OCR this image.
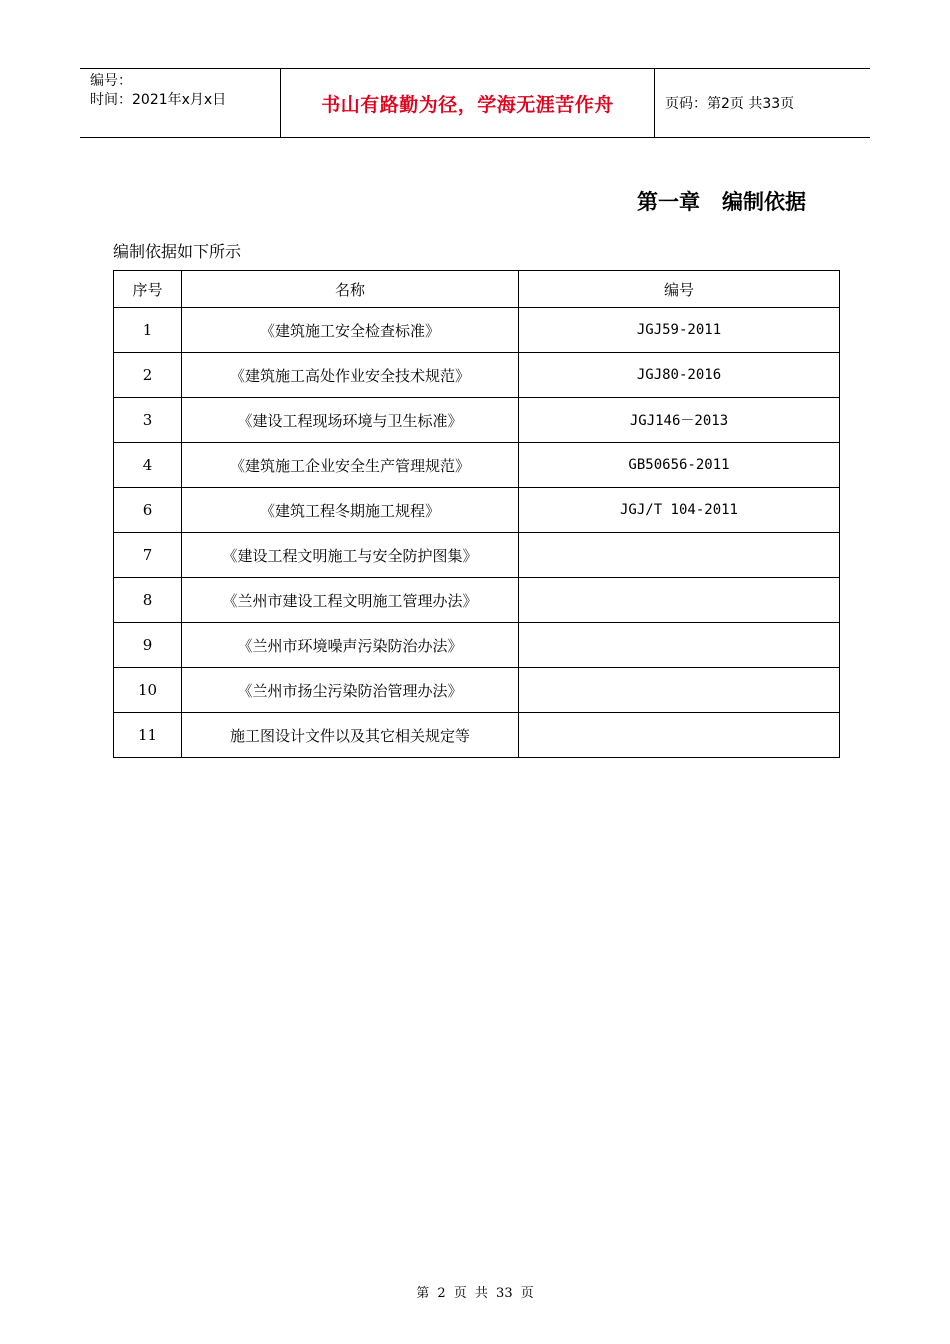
编号：
时间：2021年x月x日	书山有路勤为径，学海无涯苦作舟	页码：第2页 共33页
第一章 编制依据
编制依据如下所示
序号	名称	编号
1	《建筑施工安全检查标准》	JGJ59-2011
2	《建筑施工高处作业安全技术规范》	JGJ80-2016
3	《建设工程现场环境与卫生标准》	JGJ146－2013
4	《建筑施工企业安全生产管理规范》	GB50656-2011
6	《建筑工程冬期施工规程》	JGJ/T 104-2011
7	《建设工程文明施工与安全防护图集》	
8	《兰州市建设工程文明施工管理办法》	
9	《兰州市环境噪声污染防治办法》	
10	《兰州市扬尘污染防治管理办法》	
11	施工图设计文件以及其它相关规定等	
第 2 页 共 33 页
